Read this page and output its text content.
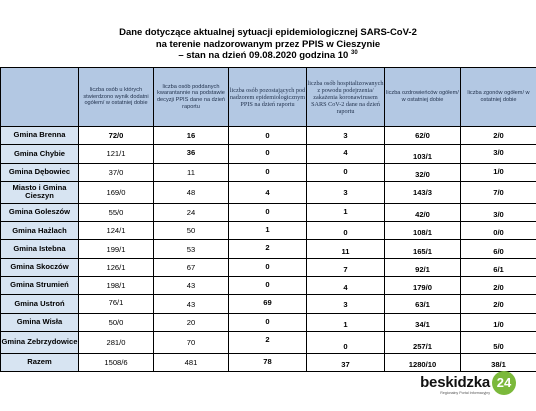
Dane dotyczące aktualnej sytuacji epidemiologicznej SARS-CoV-2
na terenie nadzorowanym przez PPIS w Cieszynie
– stan na dzień 09.08.2020 godzina 10 $^{30}$
	liczba osób u których stwierdzono wynik dodatni ogółem/ w ostatniej dobie	liczba osób poddanych kwarantannie na podstawie decyzji PPIS dane na dzień raportu	liczba osób pozostających pod nadzorem epidemiologicznym PPIS na dzień raportu	liczba osób hospitalizowanych z powodu podejrzenia/ zakażenia koronawirusem SARS CoV-2 dane na dzień raportu	liczba ozdrowieńców ogółem/ w ostatniej dobie	liczba zgonów ogółem/ w ostatniej dobie
Gmina Brenna	72/0	16	0	3	62/0	2/0
Gmina Chybie	121/1	36	0	4	103/1	3/0
Gmina Dębowiec	37/0	11	0	0	32/0	1/0
Miasto i Gmina Cieszyn	169/0	48	4	3	143/3	7/0
Gmina Goleszów	55/0	24	0	1	42/0	3/0
Gmina Hażlach	124/1	50	1	0	108/1	0/0
Gmina Istebna	199/1	53	2	11	165/1	6/0
Gmina Skoczów	126/1	67	0	7	92/1	6/1
Gmina Strumień	198/1	43	0	4	179/0	2/0
Gmina Ustroń	76/1	43	69	3	63/1	2/0
Gmina Wisła	50/0	20	0	1	34/1	1/0
Gmina Zebrzydowice	281/0	70	2	0	257/1	5/0
Razem	1508/6	481	78	37	1280/10	38/1
beskidzka 24
Regionalny Portal Informacyjny
